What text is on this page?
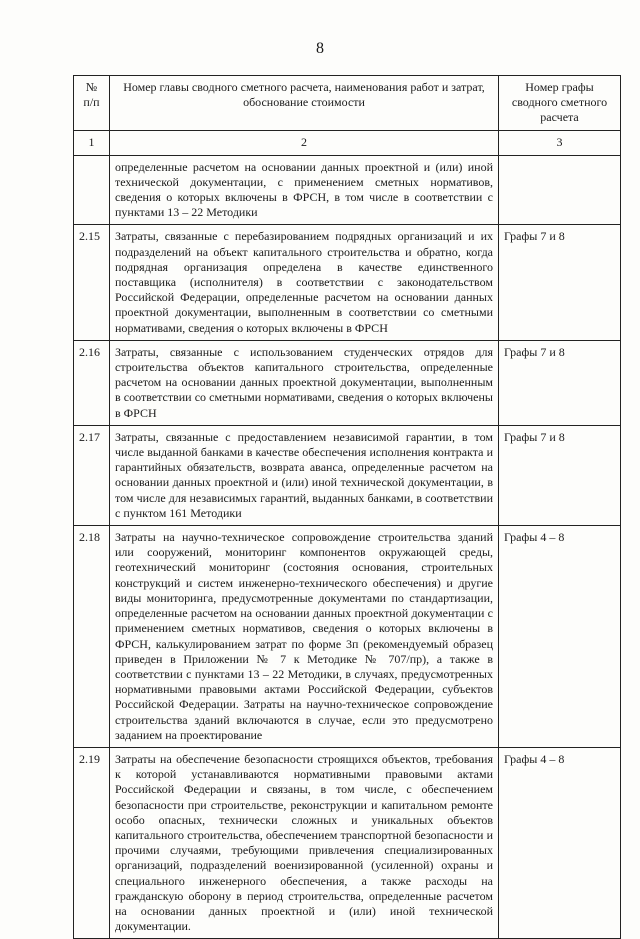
8
№
п/п	Номер главы сводного сметного расчета, наименования работ и затрат, обоснование стоимости	Номер графы сводного сметного расчета
1	2	3
	определенные расчетом на основании данных проектной и (или) иной технической документации, с применением сметных нормативов, сведения о которых включены в ФРСН, в том числе в соответствии с пунктами 13 – 22 Методики	
2.15	Затраты, связанные с перебазированием подрядных организаций и их подразделений на объект капитального строительства и обратно, когда подрядная организация определена в качестве единственного поставщика (исполнителя) в соответствии с законодательством Российской Федерации, определенные расчетом на основании данных проектной документации, выполненным в соответствии со сметными нормативами, сведения о которых включены в ФРСН	Графы 7 и 8
2.16	Затраты, связанные с использованием студенческих отрядов для строительства объектов капитального строительства, определенные расчетом на основании данных проектной документации, выполненным в соответствии со сметными нормативами, сведения о которых включены в ФРСН	Графы 7 и 8
2.17	Затраты, связанные с предоставлением независимой гарантии, в том числе выданной банками в качестве обеспечения исполнения контракта и гарантийных обязательств, возврата аванса, определенные расчетом на основании данных проектной и (или) иной технической документации, в том числе для независимых гарантий, выданных банками, в соответствии с пунктом 161 Методики	Графы 7 и 8
2.18	Затраты на научно-техническое сопровождение строительства зданий или сооружений, мониторинг компонентов окружающей среды, геотехнический мониторинг (состояния основания, строительных конструкций и систем инженерно-технического обеспечения) и другие виды мониторинга, предусмотренные документами по стандартизации, определенные расчетом на основании данных проектной документации с применением сметных нормативов, сведения о которых включены в ФРСН, калькулированием затрат по форме 3п (рекомендуемый образец приведен в Приложении № 7 к Методике № 707/пр), а также в соответствии с пунктами 13 – 22 Методики, в случаях, предусмотренных нормативными правовыми актами Российской Федерации, субъектов Российской Федерации. Затраты на научно-техническое сопровождение строительства зданий включаются в случае, если это предусмотрено заданием на проектирование	Графы 4 – 8
2.19	Затраты на обеспечение безопасности строящихся объектов, требования к которой устанавливаются нормативными правовыми актами Российской Федерации и связаны, в том числе, с обеспечением безопасности при строительстве, реконструкции и капитальном ремонте особо опасных, технически сложных и уникальных объектов капитального строительства, обеспечением транспортной безопасности и прочими случаями, требующими привлечения специализированных организаций, подразделений военизированной (усиленной) охраны и специального инженерного обеспечения, а также расходы на гражданскую оборону в период строительства, определенные расчетом на основании данных проектной и (или) иной технической документации.	Графы 4 – 8
